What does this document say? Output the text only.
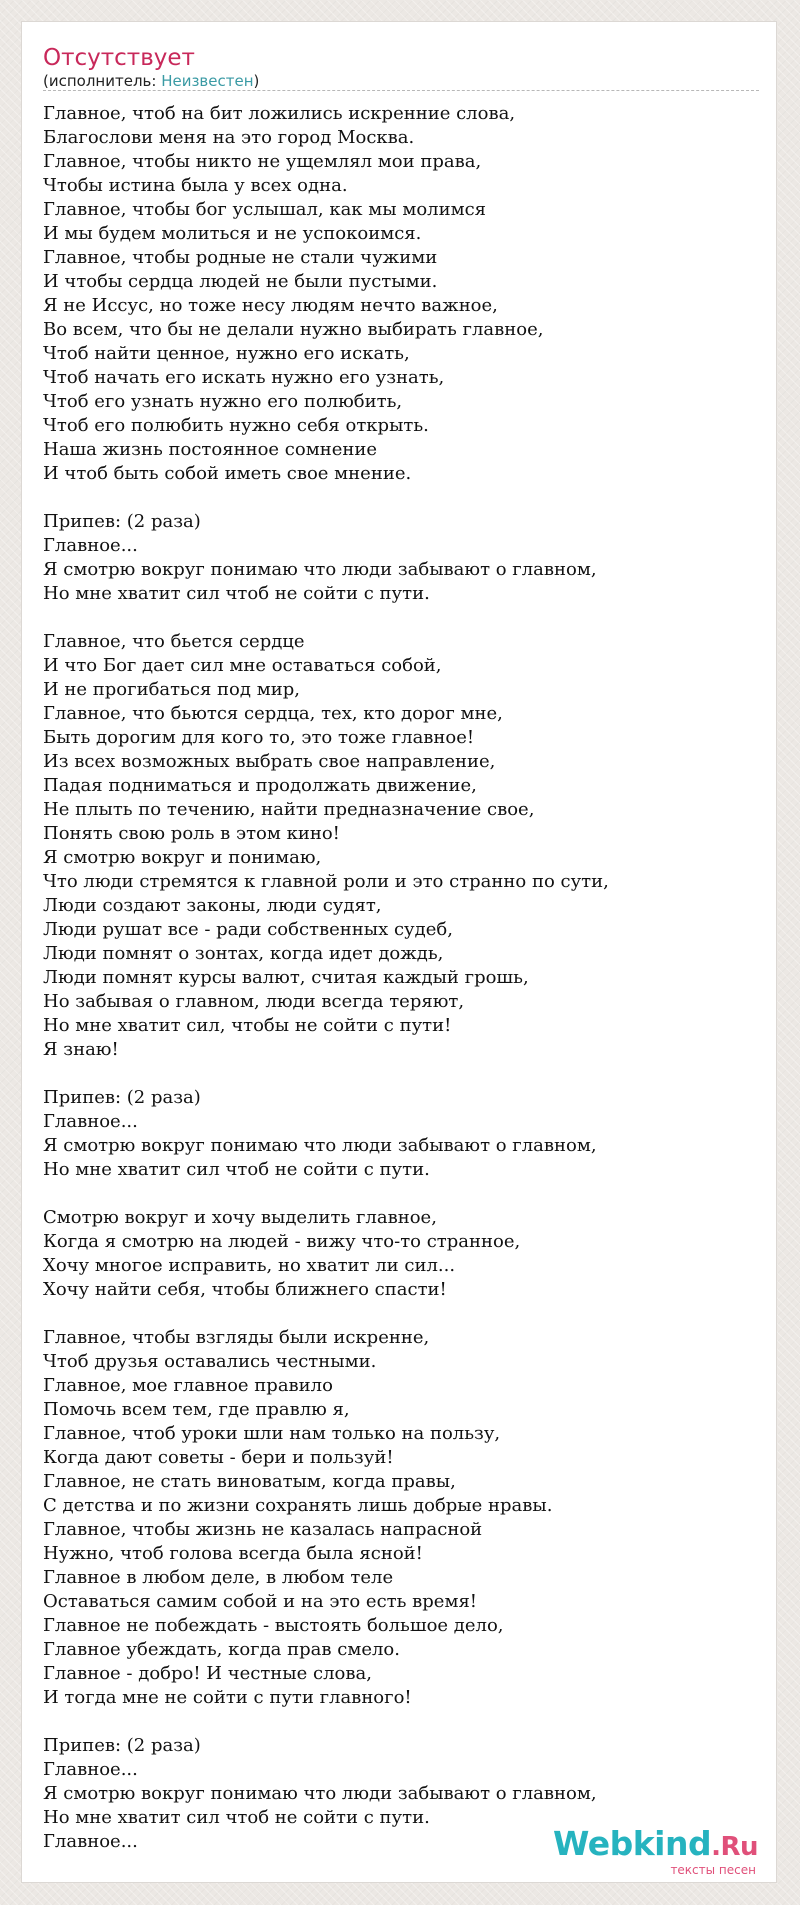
Отсутствует
(исполнитель: Неизвестен)
Главное, чтоб на бит ложились искренние слова,
Благослови меня на это город Москва.
Главное, чтобы никто не ущемлял мои права,
Чтобы истина была у всех одна.
Главное, чтобы бог услышал, как мы молимся
И мы будем молиться и не успокоимся.
Главное, чтобы родные не стали чужими
И чтобы сердца людей не были пустыми.
Я не Иссус, но тоже несу людям нечто важное,
Во всем, что бы не делали нужно выбирать главное,
Чтоб найти ценное, нужно его искать,
Чтоб начать его искать нужно его узнать,
Чтоб его узнать нужно его полюбить,
Чтоб его полюбить нужно себя открыть.
Наша жизнь постоянное сомнение
И чтоб быть собой иметь свое мнение.
Припев: (2 раза)
Главное...
Я смотрю вокруг понимаю что люди забывают о главном,
Но мне хватит сил чтоб не сойти с пути.
Главное, что бьется сердце
И что Бог дает сил мне оставаться собой,
И не прогибаться под мир,
Главное, что бьются сердца, тех, кто дорог мне,
Быть дорогим для кого то, это тоже главное!
Из всех возможных выбрать свое направление,
Падая подниматься и продолжать движение,
Не плыть по течению, найти предназначение свое,
Понять свою роль в этом кино!
Я смотрю вокруг и понимаю,
Что люди стремятся к главной роли и это странно по сути,
Люди создают законы, люди судят,
Люди рушат все - ради собственных судеб,
Люди помнят о зонтах, когда идет дождь,
Люди помнят курсы валют, считая каждый грошь,
Но забывая о главном, люди всегда теряют,
Но мне хватит сил, чтобы не сойти с пути!
Я знаю!
Припев: (2 раза)
Главное...
Я смотрю вокруг понимаю что люди забывают о главном,
Но мне хватит сил чтоб не сойти с пути.
Смотрю вокруг и хочу выделить главное,
Когда я смотрю на людей - вижу что-то странное,
Хочу многое исправить, но хватит ли сил...
Хочу найти себя, чтобы ближнего спасти!
Главное, чтобы взгляды были искренне,
Чтоб друзья оставались честными.
Главное, мое главное правило
Помочь всем тем, где правлю я,
Главное, чтоб уроки шли нам только на пользу,
Когда дают советы - бери и пользуй!
Главное, не стать виноватым, когда правы,
С детства и по жизни сохранять лишь добрые нравы.
Главное, чтобы жизнь не казалась напрасной
Нужно, чтоб голова всегда была ясной!
Главное в любом деле, в любом теле
Оставаться самим собой и на это есть время!
Главное не побеждать - выстоять большое дело,
Главное убеждать, когда прав смело.
Главное - добро! И честные слова,
И тогда мне не сойти с пути главного!
Припев: (2 раза)
Главное...
Я смотрю вокруг понимаю что люди забывают о главном,
Но мне хватит сил чтоб не сойти с пути.
Главное...	Webkind.Ru
тексты песен
